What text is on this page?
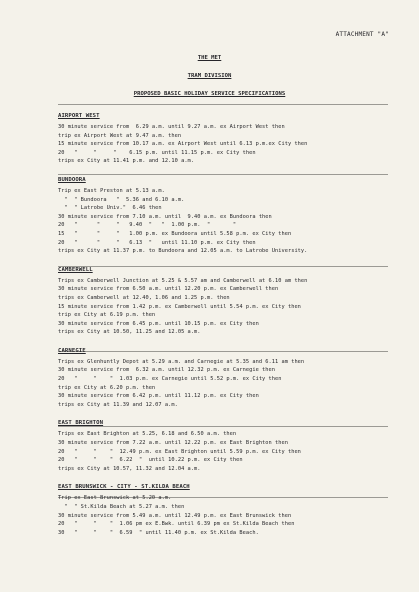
ATTACHMENT "A"
THE MET
TRAM DIVISION
PROPOSED BASIC HOLIDAY SERVICE SPECIFICATIONS
AIRPORT WEST
30 minute service from  6.29 a.m. until 9.27 a.m. ex Airport West then
trip ex Airport West at 9.47 a.m. then
15 minute service from 10.17 a.m. ex Airport West until 6.13 p.m.ex City then
20   "     "     "    6.15 p.m. until 11.15 p.m. ex City then
trips ex City at 11.41 p.m. and 12.10 a.m.
BUNDOORA
Trip ex East Preston at 5.13 a.m.
"  " Bundoora   "  5.36 and 6.10 a.m.
"  " Latrobe Univ."  6.46 then
30 minute service from 7.10 a.m. until  9.40 a.m. ex Bundoora then
20   "      "     "   9.40  "   "  1.00 p.m.  "       "
15   "      "     "   1.00 p.m. ex Bundoora until 5.58 p.m. ex City then
20   "      "     "   6.13  "   until 11.10 p.m. ex City then
trips ex City at 11.37 p.m. to Bundoora and 12.05 a.m. to Latrobe University.
CAMBERWELL
Trips ex Camberwell Junction at 5.25 & 5.57 am and Camberwell at 6.10 am then
30 minute service from 6.50 a.m. until 12.20 p.m. ex Camberwell then
trips ex Camberwell at 12.40, 1.06 and 1.25 p.m. then
15 minute service from 1.42 p.m. ex Camberwell until 5.54 p.m. ex City then
trip ex City at 6.19 p.m. then
30 minute service from 6.45 p.m. until 10.15 p.m. ex City then
trips ex City at 10.50, 11.25 and 12.05 a.m.
CARNEGIE
Trips ex Glenhuntly Depot at 5.29 a.m. and Carnegie at 5.35 and 6.11 am then
30 minute service from  6.32 a.m. until 12.32 p.m. ex Carnegie then
20   "     "    "  1.03 p.m. ex Carnegie until 5.52 p.m. ex City then
trip ex City at 6.20 p.m. then
30 minute service from 6.42 p.m. until 11.12 p.m. ex City then
trips ex City at 11.39 and 12.07 a.m.
EAST BRIGHTON
Trips ex East Brighton at 5.25, 6.18 and 6.50 a.m. then
30 minute service from 7.22 a.m. until 12.22 p.m. ex East Brighton then
20   "     "    "  12.49 p.m. ex East Brighton until 5.59 p.m. ex City then
20   "     "    "  6.22  "  until 10.22 p.m. ex City then
trips ex City at 10.57, 11.32 and 12.04 a.m.
EAST BRUNSWICK - CITY - ST.KILDA BEACH
Trip ex East Brunswick at 5.20 a.m.
"  " St.Kilda Beach at 5.27 a.m. then
30 minute service from 5.49 a.m. until 12.49 p.m. ex East Brunswick then
20   "     "    "  1.06 pm ex E.Bwk. until 6.39 pm ex St.Kilda Beach then
30   "     "    "  6.59  " until 11.40 p.m. ex St.Kilda Beach.
